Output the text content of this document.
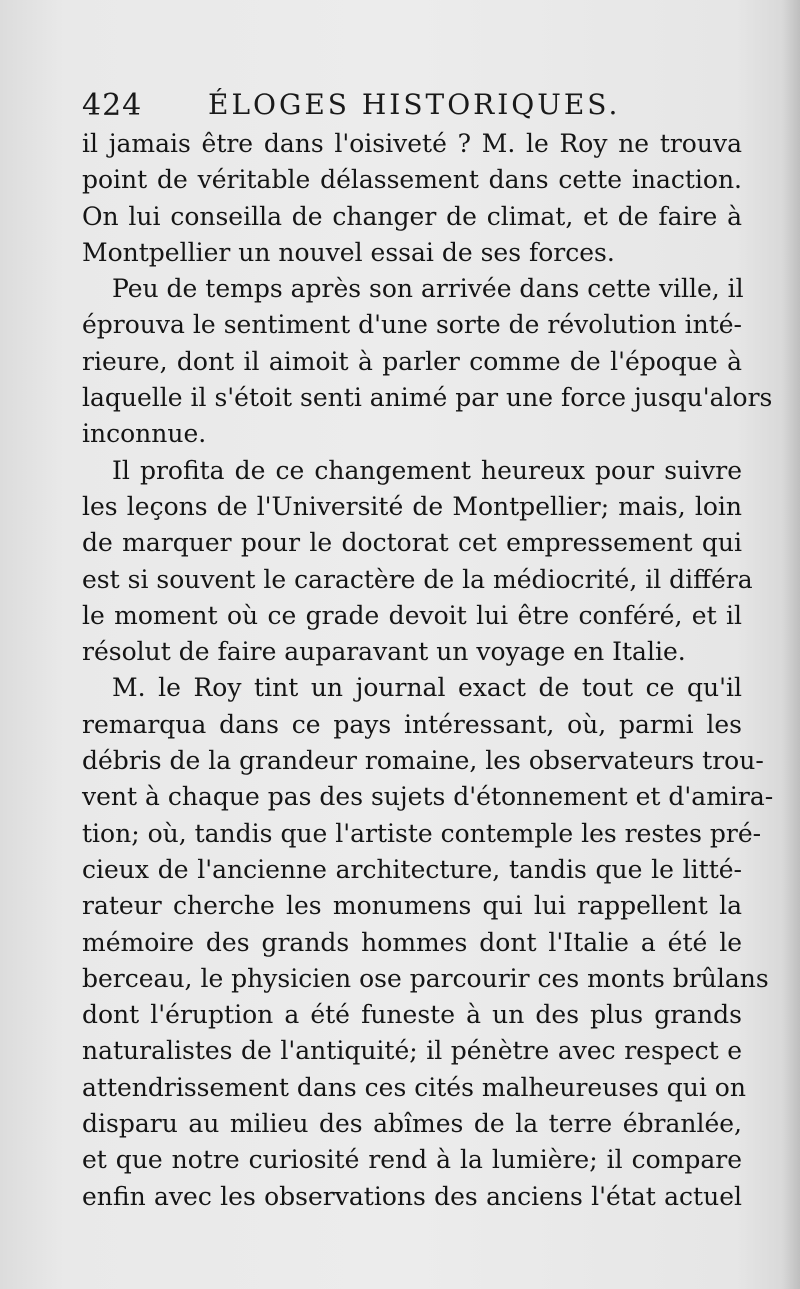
424 ÉLOGES HISTORIQUES.
il jamais être dans l'oisiveté ? M. le Roy ne trouva
point de véritable délassement dans cette inaction.
On lui conseilla de changer de climat, et de faire à
Montpellier un nouvel essai de ses forces.
Peu de temps après son arrivée dans cette ville, il
éprouva le sentiment d'une sorte de révolution inté-
rieure, dont il aimoit à parler comme de l'époque à
laquelle il s'étoit senti animé par une force jusqu'alors
inconnue.
Il profita de ce changement heureux pour suivre
les leçons de l'Université de Montpellier; mais, loin
de marquer pour le doctorat cet empressement qui
est si souvent le caractère de la médiocrité, il différa
le moment où ce grade devoit lui être conféré, et il
résolut de faire auparavant un voyage en Italie.
M. le Roy tint un journal exact de tout ce qu'il
remarqua dans ce pays intéressant, où, parmi les
débris de la grandeur romaine, les observateurs trou-
vent à chaque pas des sujets d'étonnement et d'amira-
tion; où, tandis que l'artiste contemple les restes pré-
cieux de l'ancienne architecture, tandis que le litté-
rateur cherche les monumens qui lui rappellent la
mémoire des grands hommes dont l'Italie a été le
berceau, le physicien ose parcourir ces monts brûlans
dont l'éruption a été funeste à un des plus grands
naturalistes de l'antiquité; il pénètre avec respect e
attendrissement dans ces cités malheureuses qui on
disparu au milieu des abîmes de la terre ébranlée,
et que notre curiosité rend à la lumière; il compare
enfin avec les observations des anciens l'état actuel
